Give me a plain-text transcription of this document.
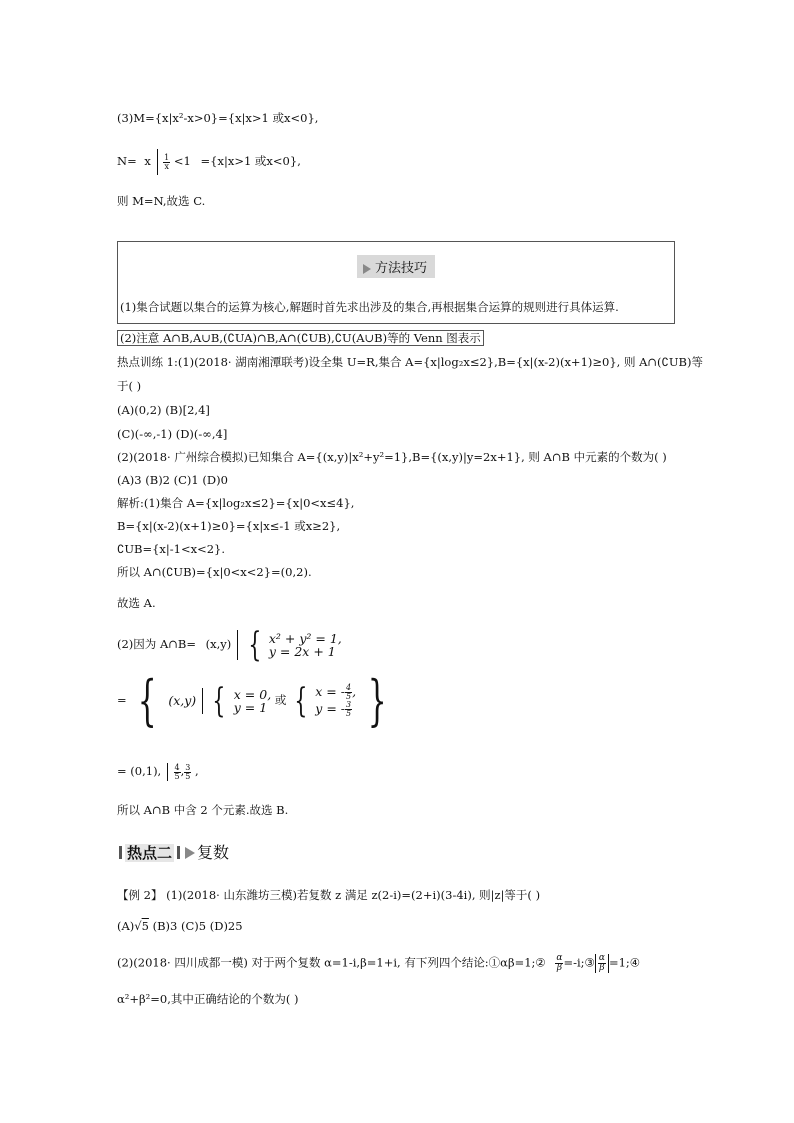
(3)M={x|x²-x>0}={x|x>1 或x<0},
N= x $\frac{1}{x} <1 =\{x|x>1$ 或x<0},
则 M=N,故选 C.
方法技巧
(1)集合试题以集合的运算为核心,解题时首先求出涉及的集合,再根据集合运算的规则进行具体运算.
(2)注意 A∩B,A∪B,(∁UA)∩B,A∩(∁UB),∁U(A∪B)等的 Venn 图表示
热点训练 1:(1)(2018· 湖南湘潭联考)设全集 U=R,集合 A={x|log₂x≤2},B={x|(x-2)(x+1)≥0}, 则 A∩(∁UB)等
于( )
(A)(0,2) (B)[2,4]
(C)(-∞,-1) (D)(-∞,4]
(2)(2018· 广州综合模拟)已知集合 A={(x,y)|x²+y²=1},B={(x,y)|y=2x+1}, 则 A∩B 中元素的个数为( )
(A)3 (B)2 (C)1 (D)0
解析:(1)集合 A={x|log₂x≤2}={x|0<x≤4},
B={x|(x-2)(x+1)≥0}={x|x≤-1 或x≥2},
∁UB={x|-1<x<2}.
所以 A∩(∁UB)={x|0<x<2}=(0,2).
故选 A.
(2)因为 A∩B= (x,y) { x² + y² = 1,
y = 2x + 1
= { (x,y) { x = 0,
y = 1 或 { x = - $\frac{4}{5}$ ,
y = - $\frac{3}{5}$ }
= (0,1), $\frac{4}{5}$ , $\frac{3}{5}$ ,
所以 A∩B 中含 2 个元素.故选 B.
热点二 复数
【例 2】 (1)(2018· 山东潍坊三模)若复数 z 满足 z(2-i)=(2+i)(3-4i), 则|z|等于( )
(A)√5 (B)3 (C)5 (D)25
(2)(2018· 四川成都一模) 对于两个复数 α=1-i,β=1+i, 有下列四个结论:①αβ=1;② $\frac{\alpha}{\beta}$ =-i;③ $\frac{\alpha}{\beta}$ =1;④
α²+β²=0,其中正确结论的个数为( )
